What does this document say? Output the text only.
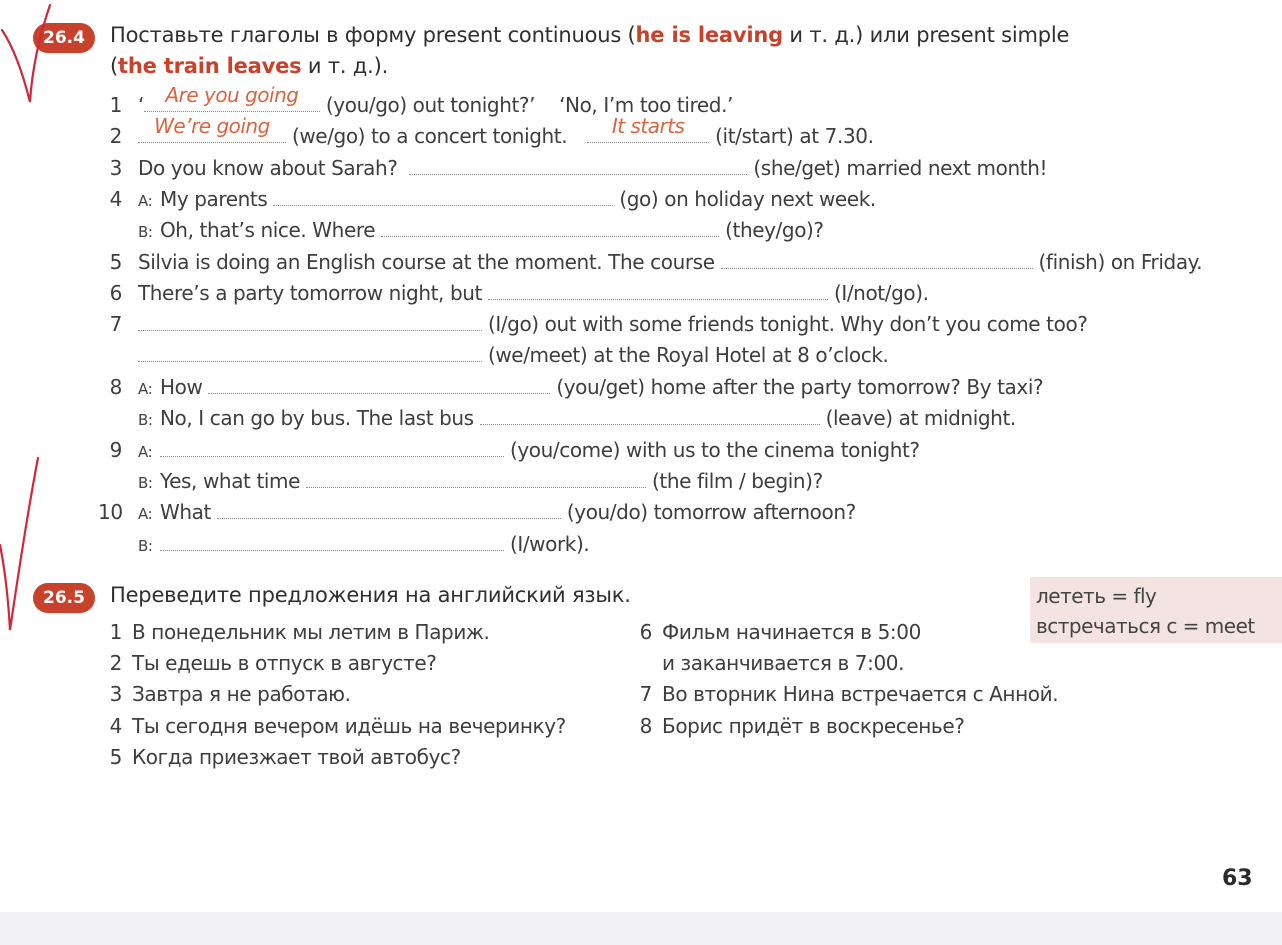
26.4	Поставьте глаголы в форму present continuous (he is leaving и т. д.) или present simple
(the train leaves и т. д.).
1 ‘	Are you going	(you/go) out tonight?’ ‘No, I’m too tired.’
2	We’re going	(we/go) to a concert tonight.	It starts	(it/start) at 7.30.
3 Do you know about Sarah?	(she/get) married next month!
4 A: My parents	(go) on holiday next week.
B: Oh, that’s nice. Where	(they/go)?
5 Silvia is doing an English course at the moment. The course	(finish) on Friday.
6 There’s a party tomorrow night, but	(I/not/go).
7	(I/go) out with some friends tonight. Why don’t you come too?
(we/meet) at the Royal Hotel at 8 o’clock.
8 A: How	(you/get) home after the party tomorrow? By taxi?
B: No, I can go by bus. The last bus	(leave) at midnight.
9 A:	(you/come) with us to the cinema tonight?
B: Yes, what time	(the film / begin)?
10 A: What	(you/do) tomorrow afternoon?
B:	(I/work).
26.5	Переведите предложения на английский язык.	лететь = fly
встречаться с = meet
1 В понедельник мы летим в Париж.
2 Ты едешь в отпуск в августе?
3 Завтра я не работаю.
4 Ты сегодня вечером идёшь на вечеринку?
5 Когда приезжает твой автобус?
6 Фильм начинается в 5:00
и заканчивается в 7:00.
7 Во вторник Нина встречается с Анной.
8 Борис придёт в воскресенье?
63
